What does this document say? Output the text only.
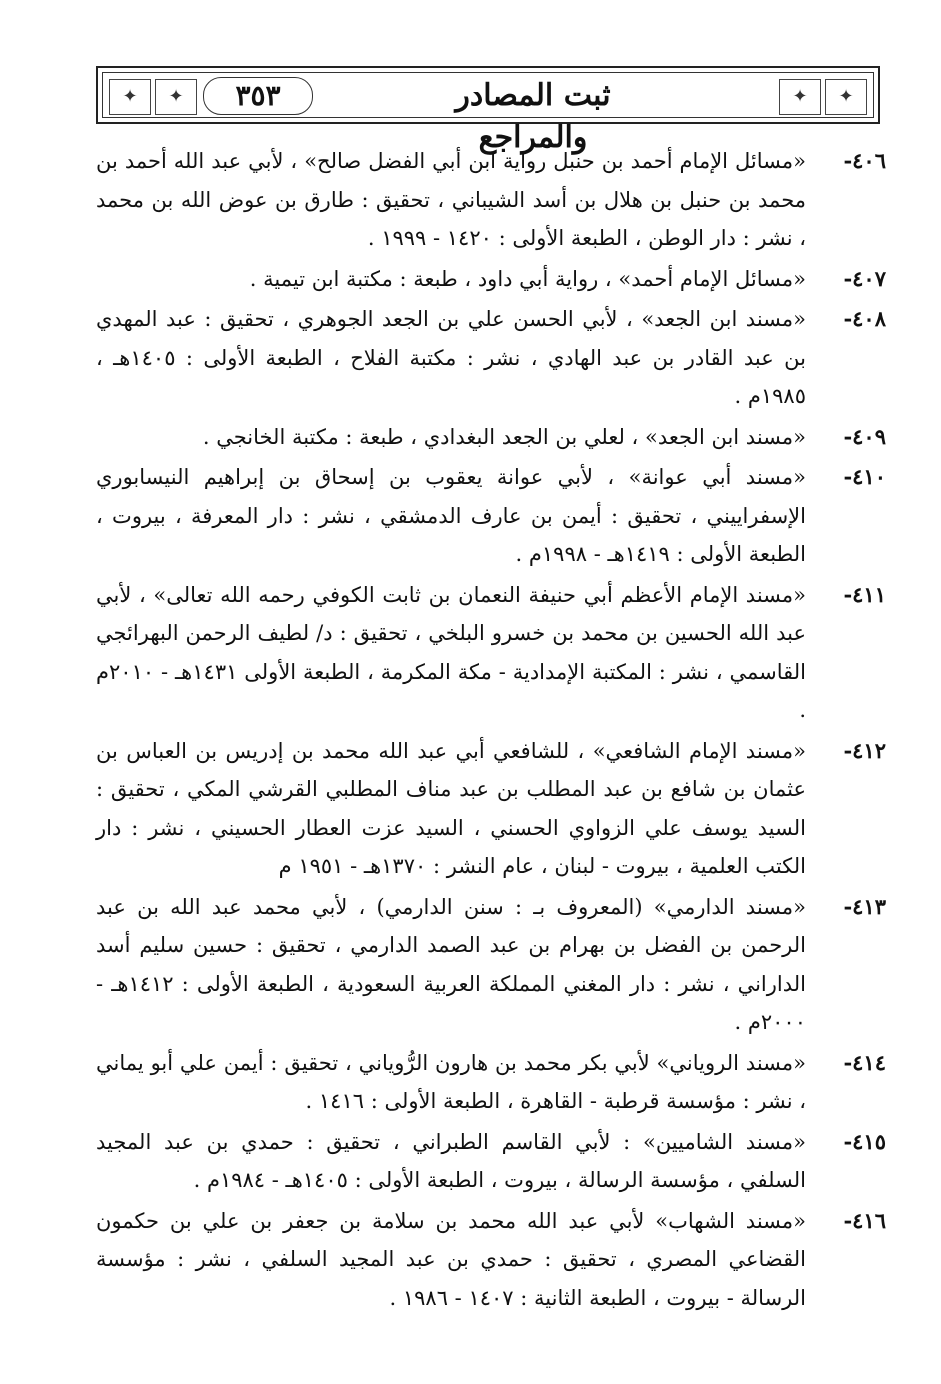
✦	✦	٣٥٣	ثبت المصادر والمراجع
✦	✦
٤٠٦-
«مسائل الإمام أحمد بن حنبل رواية ابن أبي الفضل صالح» ، لأبي عبد الله أحمد بن محمد بن حنبل بن هلال بن أسد الشيباني ، تحقيق : طارق بن عوض الله بن محمد ، نشر : دار الوطن ، الطبعة الأولى : ١٤٢٠ - ١٩٩٩ .
٤٠٧-
«مسائل الإمام أحمد» ، رواية أبي داود ، طبعة : مكتبة ابن تيمية .
٤٠٨-
«مسند ابن الجعد» ، لأبي الحسن علي بن الجعد الجوهري ، تحقيق : عبد المهدي بن عبد القادر بن عبد الهادي ، نشر : مكتبة الفلاح ، الطبعة الأولى : ١٤٠٥هـ ، ١٩٨٥م .
٤٠٩-
«مسند ابن الجعد» ، لعلي بن الجعد البغدادي ، طبعة : مكتبة الخانجي .
٤١٠-
«مسند أبي عوانة» ، لأبي عوانة يعقوب بن إسحاق بن إبراهيم النيسابوري الإسفراييني ، تحقيق : أيمن بن عارف الدمشقي ، نشر : دار المعرفة ، بيروت ، الطبعة الأولى : ١٤١٩هـ - ١٩٩٨م .
٤١١-
«مسند الإمام الأعظم أبي حنيفة النعمان بن ثابت الكوفي رحمه الله تعالى» ، لأبي عبد الله الحسين بن محمد بن خسرو البلخي ، تحقيق : د/ لطيف الرحمن البهرائجي القاسمي ، نشر : المكتبة الإمدادية - مكة المكرمة ، الطبعة الأولى ١٤٣١هـ - ٢٠١٠م .
٤١٢-
«مسند الإمام الشافعي» ، للشافعي أبي عبد الله محمد بن إدريس بن العباس بن عثمان بن شافع بن عبد المطلب بن عبد مناف المطلبي القرشي المكي ، تحقيق : السيد يوسف علي الزواوي الحسني ، السيد عزت العطار الحسيني ، نشر : دار الكتب العلمية ، بيروت - لبنان ، عام النشر : ١٣٧٠هـ - ١٩٥١ م
٤١٣-
«مسند الدارمي» (المعروف بـ : سنن الدارمي) ، لأبي محمد عبد الله بن عبد الرحمن بن الفضل بن بهرام بن عبد الصمد الدارمي ، تحقيق : حسين سليم أسد الداراني ، نشر : دار المغني المملكة العربية السعودية ، الطبعة الأولى : ١٤١٢هـ - ٢٠٠٠م .
٤١٤-
«مسند الروياني» لأبي بكر محمد بن هارون الرُّوياني ، تحقيق : أيمن علي أبو يماني ، نشر : مؤسسة قرطبة - القاهرة ، الطبعة الأولى : ١٤١٦ .
٤١٥-
«مسند الشاميين» : لأبي القاسم الطبراني ، تحقيق : حمدي بن عبد المجيد السلفي ، مؤسسة الرسالة ، بيروت ، الطبعة الأولى : ١٤٠٥هـ - ١٩٨٤م .
٤١٦-
«مسند الشهاب» لأبي عبد الله محمد بن سلامة بن جعفر بن علي بن حكمون القضاعي المصري ، تحقيق : حمدي بن عبد المجيد السلفي ، نشر : مؤسسة الرسالة - بيروت ، الطبعة الثانية : ١٤٠٧ - ١٩٨٦ .
